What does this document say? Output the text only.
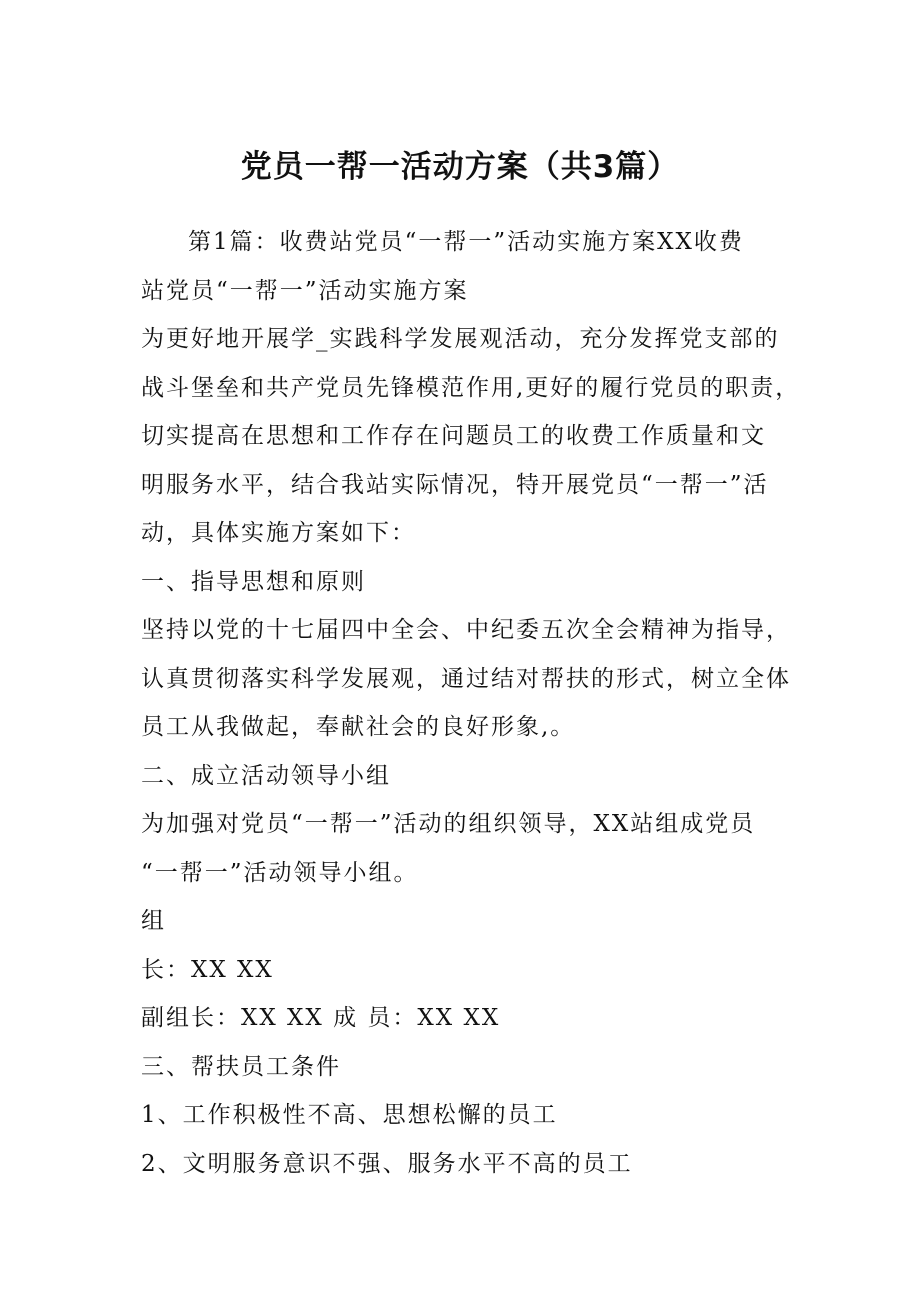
党员一帮一活动方案（共3篇）
第1篇：收费站党员“一帮一”活动实施方案XX收费
站党员“一帮一”活动实施方案
为更好地开展学_实践科学发展观活动，充分发挥党支部的
战斗堡垒和共产党员先锋模范作用,更好的履行党员的职责，
切实提高在思想和工作存在问题员工的收费工作质量和文
明服务水平，结合我站实际情况，特开展党员“一帮一”活
动，具体实施方案如下：
一、指导思想和原则
坚持以党的十七届四中全会、中纪委五次全会精神为指导，
认真贯彻落实科学发展观，通过结对帮扶的形式，树立全体
员工从我做起，奉献社会的良好形象,。
二、成立活动领导小组
为加强对党员“一帮一”活动的组织领导，XX站组成党员
“一帮一”活动领导小组。
组
长：XX XX
副组长：XX XX 成 员：XX XX
三、帮扶员工条件
1、工作积极性不高、思想松懈的员工
2、文明服务意识不强、服务水平不高的员工
